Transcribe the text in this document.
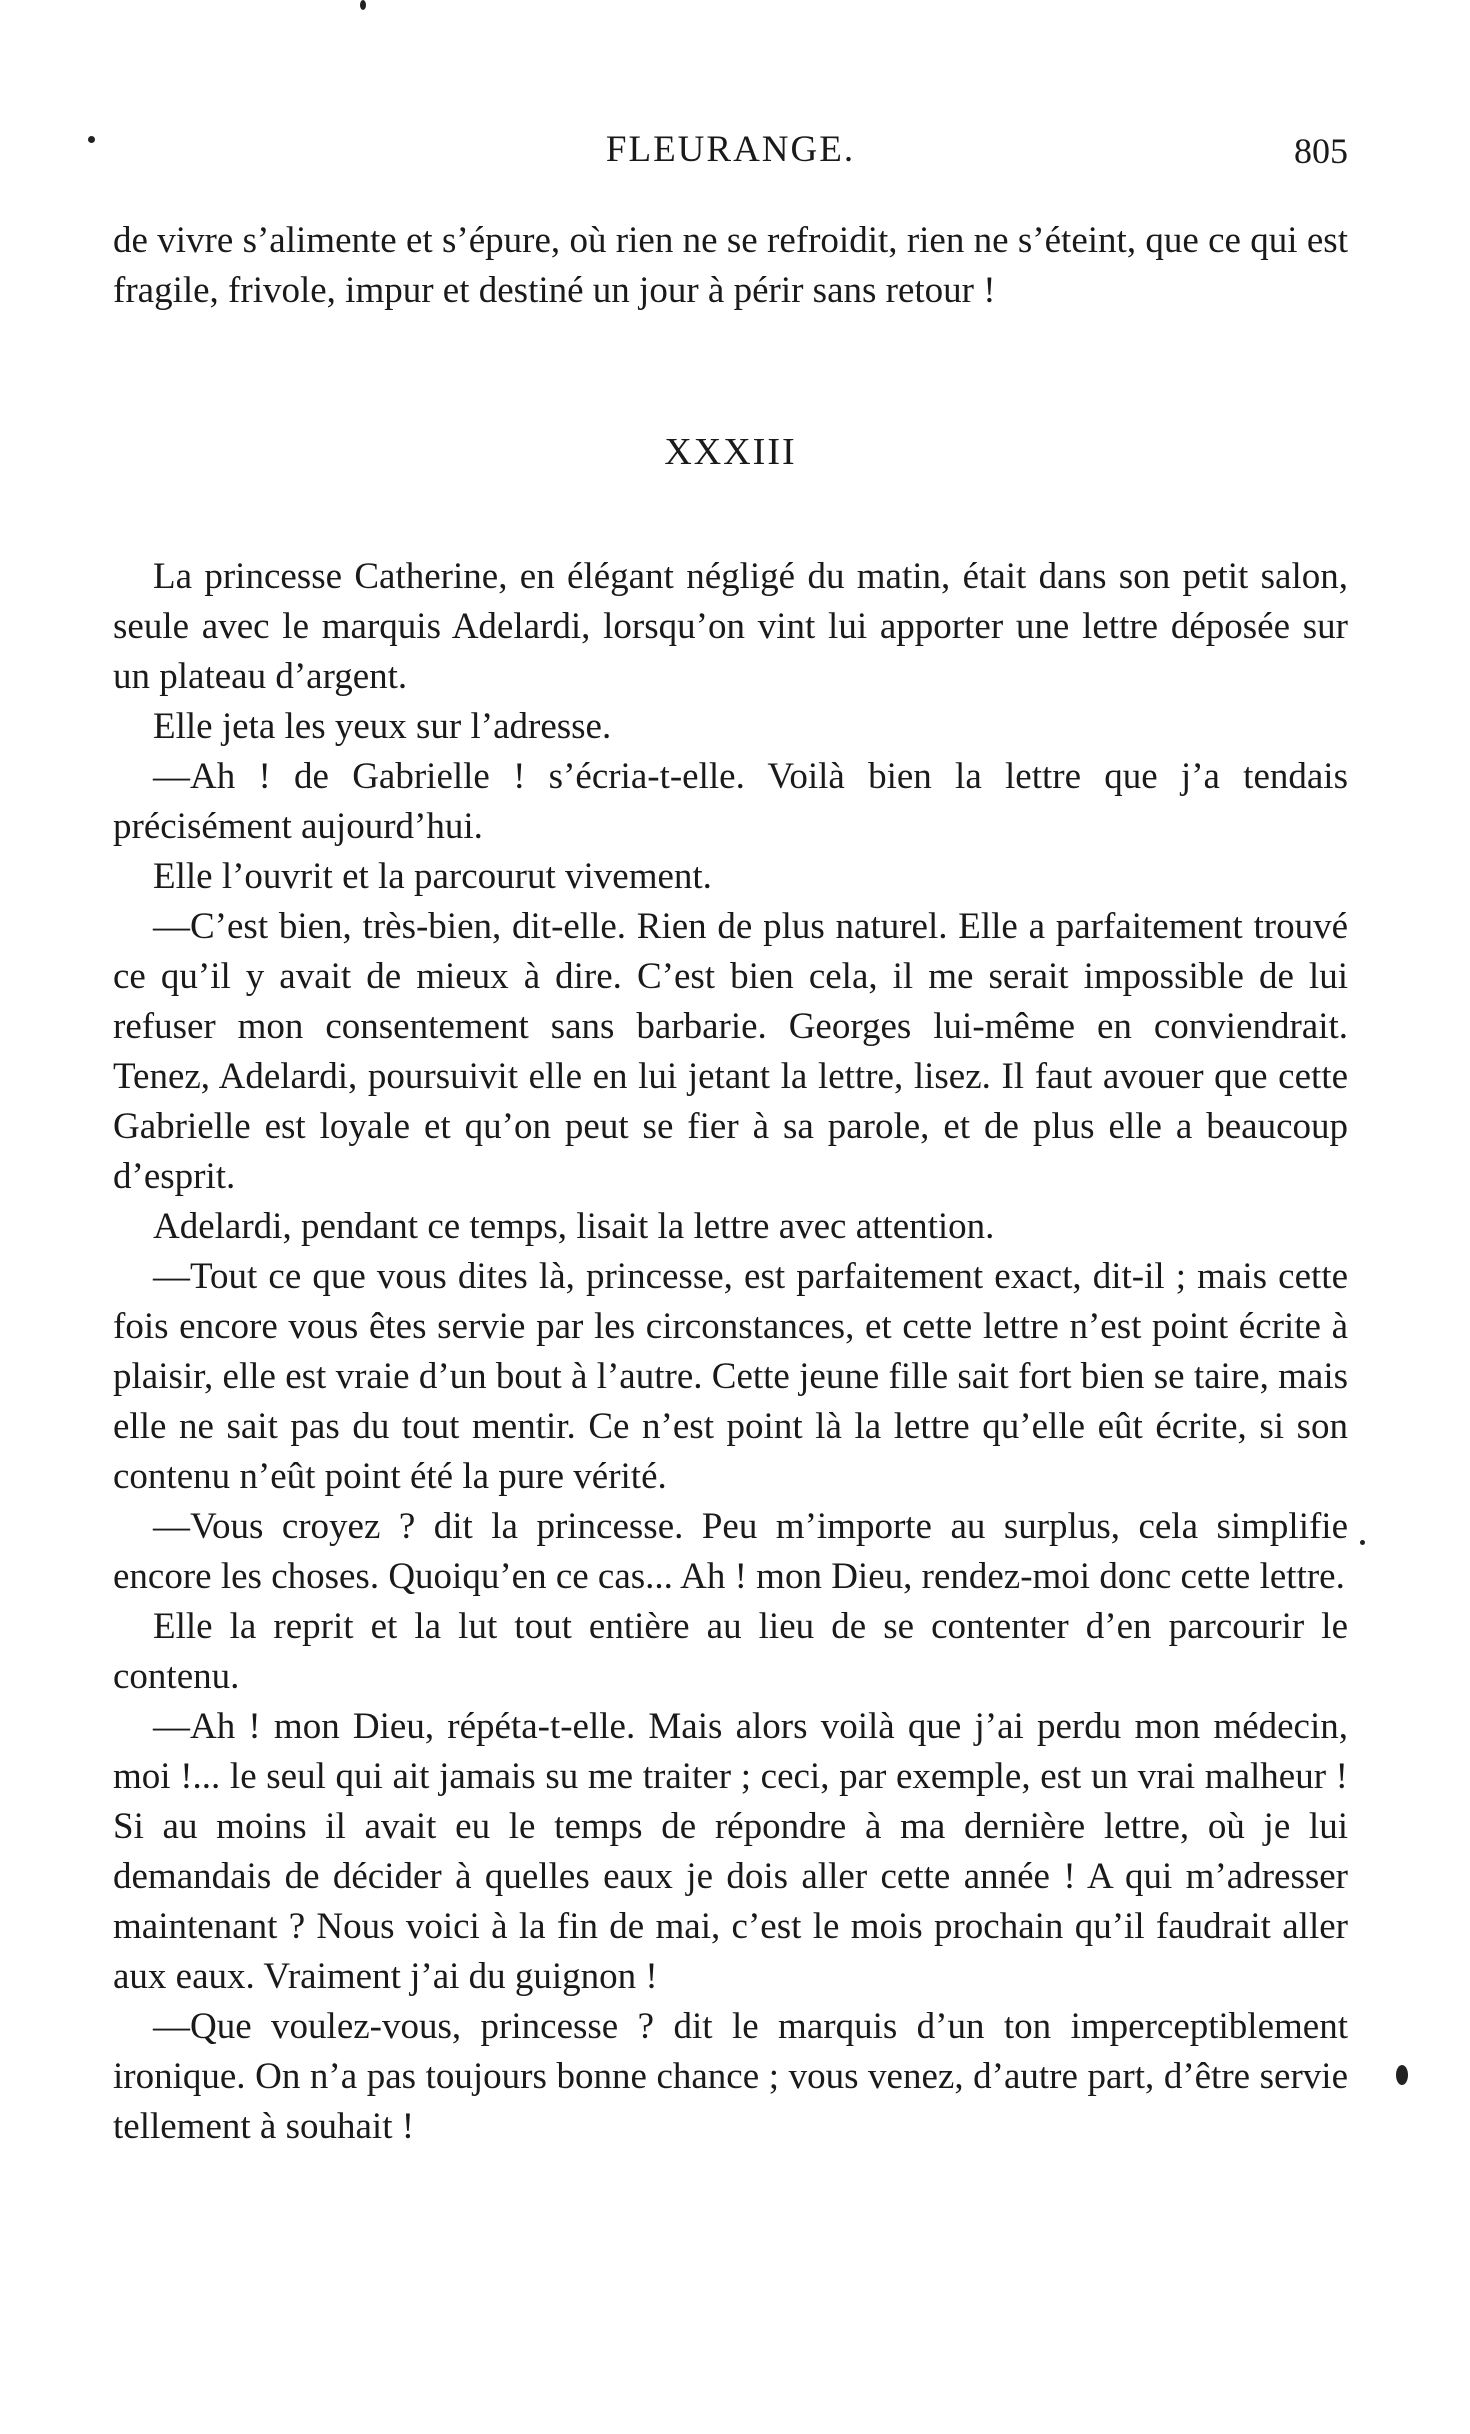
FLEURANGE.	805

de vivre s’alimente et s’épure, où rien ne se refroidit, rien ne s’éteint, que ce qui est fragile, frivole, impur et destiné un jour à périr sans retour !

XXXIII

La princesse Catherine, en élégant négligé du matin, était dans son petit salon, seule avec le marquis Adelardi, lorsqu’on vint lui apporter une lettre déposée sur un plateau d’argent.

Elle jeta les yeux sur l’adresse.

—Ah ! de Gabrielle ! s’écria-t-elle. Voilà bien la lettre que j’a tendais précisément aujourd’hui.

Elle l’ouvrit et la parcourut vivement.

—C’est bien, très-bien, dit-elle. Rien de plus naturel. Elle a parfaitement trouvé ce qu’il y avait de mieux à dire. C’est bien cela, il me serait impossible de lui refuser mon consentement sans barbarie. Georges lui-même en conviendrait. Tenez, Adelardi, poursuivit elle en lui jetant la lettre, lisez. Il faut avouer que cette Gabrielle est loyale et qu’on peut se fier à sa parole, et de plus elle a beaucoup d’esprit.

Adelardi, pendant ce temps, lisait la lettre avec attention.

—Tout ce que vous dites là, princesse, est parfaitement exact, dit-il ; mais cette fois encore vous êtes servie par les circonstances, et cette lettre n’est point écrite à plaisir, elle est vraie d’un bout à l’autre. Cette jeune fille sait fort bien se taire, mais elle ne sait pas du tout mentir. Ce n’est point là la lettre qu’elle eût écrite, si son contenu n’eût point été la pure vérité.

—Vous croyez ? dit la princesse. Peu m’importe au surplus, cela simplifie encore les choses. Quoiqu’en ce cas... Ah ! mon Dieu, rendez-moi donc cette lettre.

Elle la reprit et la lut tout entière au lieu de se contenter d’en parcourir le contenu.

—Ah ! mon Dieu, répéta-t-elle. Mais alors voilà que j’ai perdu mon médecin, moi !... le seul qui ait jamais su me traiter ; ceci, par exemple, est un vrai malheur ! Si au moins il avait eu le temps de répondre à ma dernière lettre, où je lui demandais de décider à quelles eaux je dois aller cette année ! A qui m’adresser maintenant ? Nous voici à la fin de mai, c’est le mois prochain qu’il faudrait aller aux eaux. Vraiment j’ai du guignon !

—Que voulez-vous, princesse ? dit le marquis d’un ton imperceptiblement ironique. On n’a pas toujours bonne chance ; vous venez, d’autre part, d’être servie tellement à souhait !
